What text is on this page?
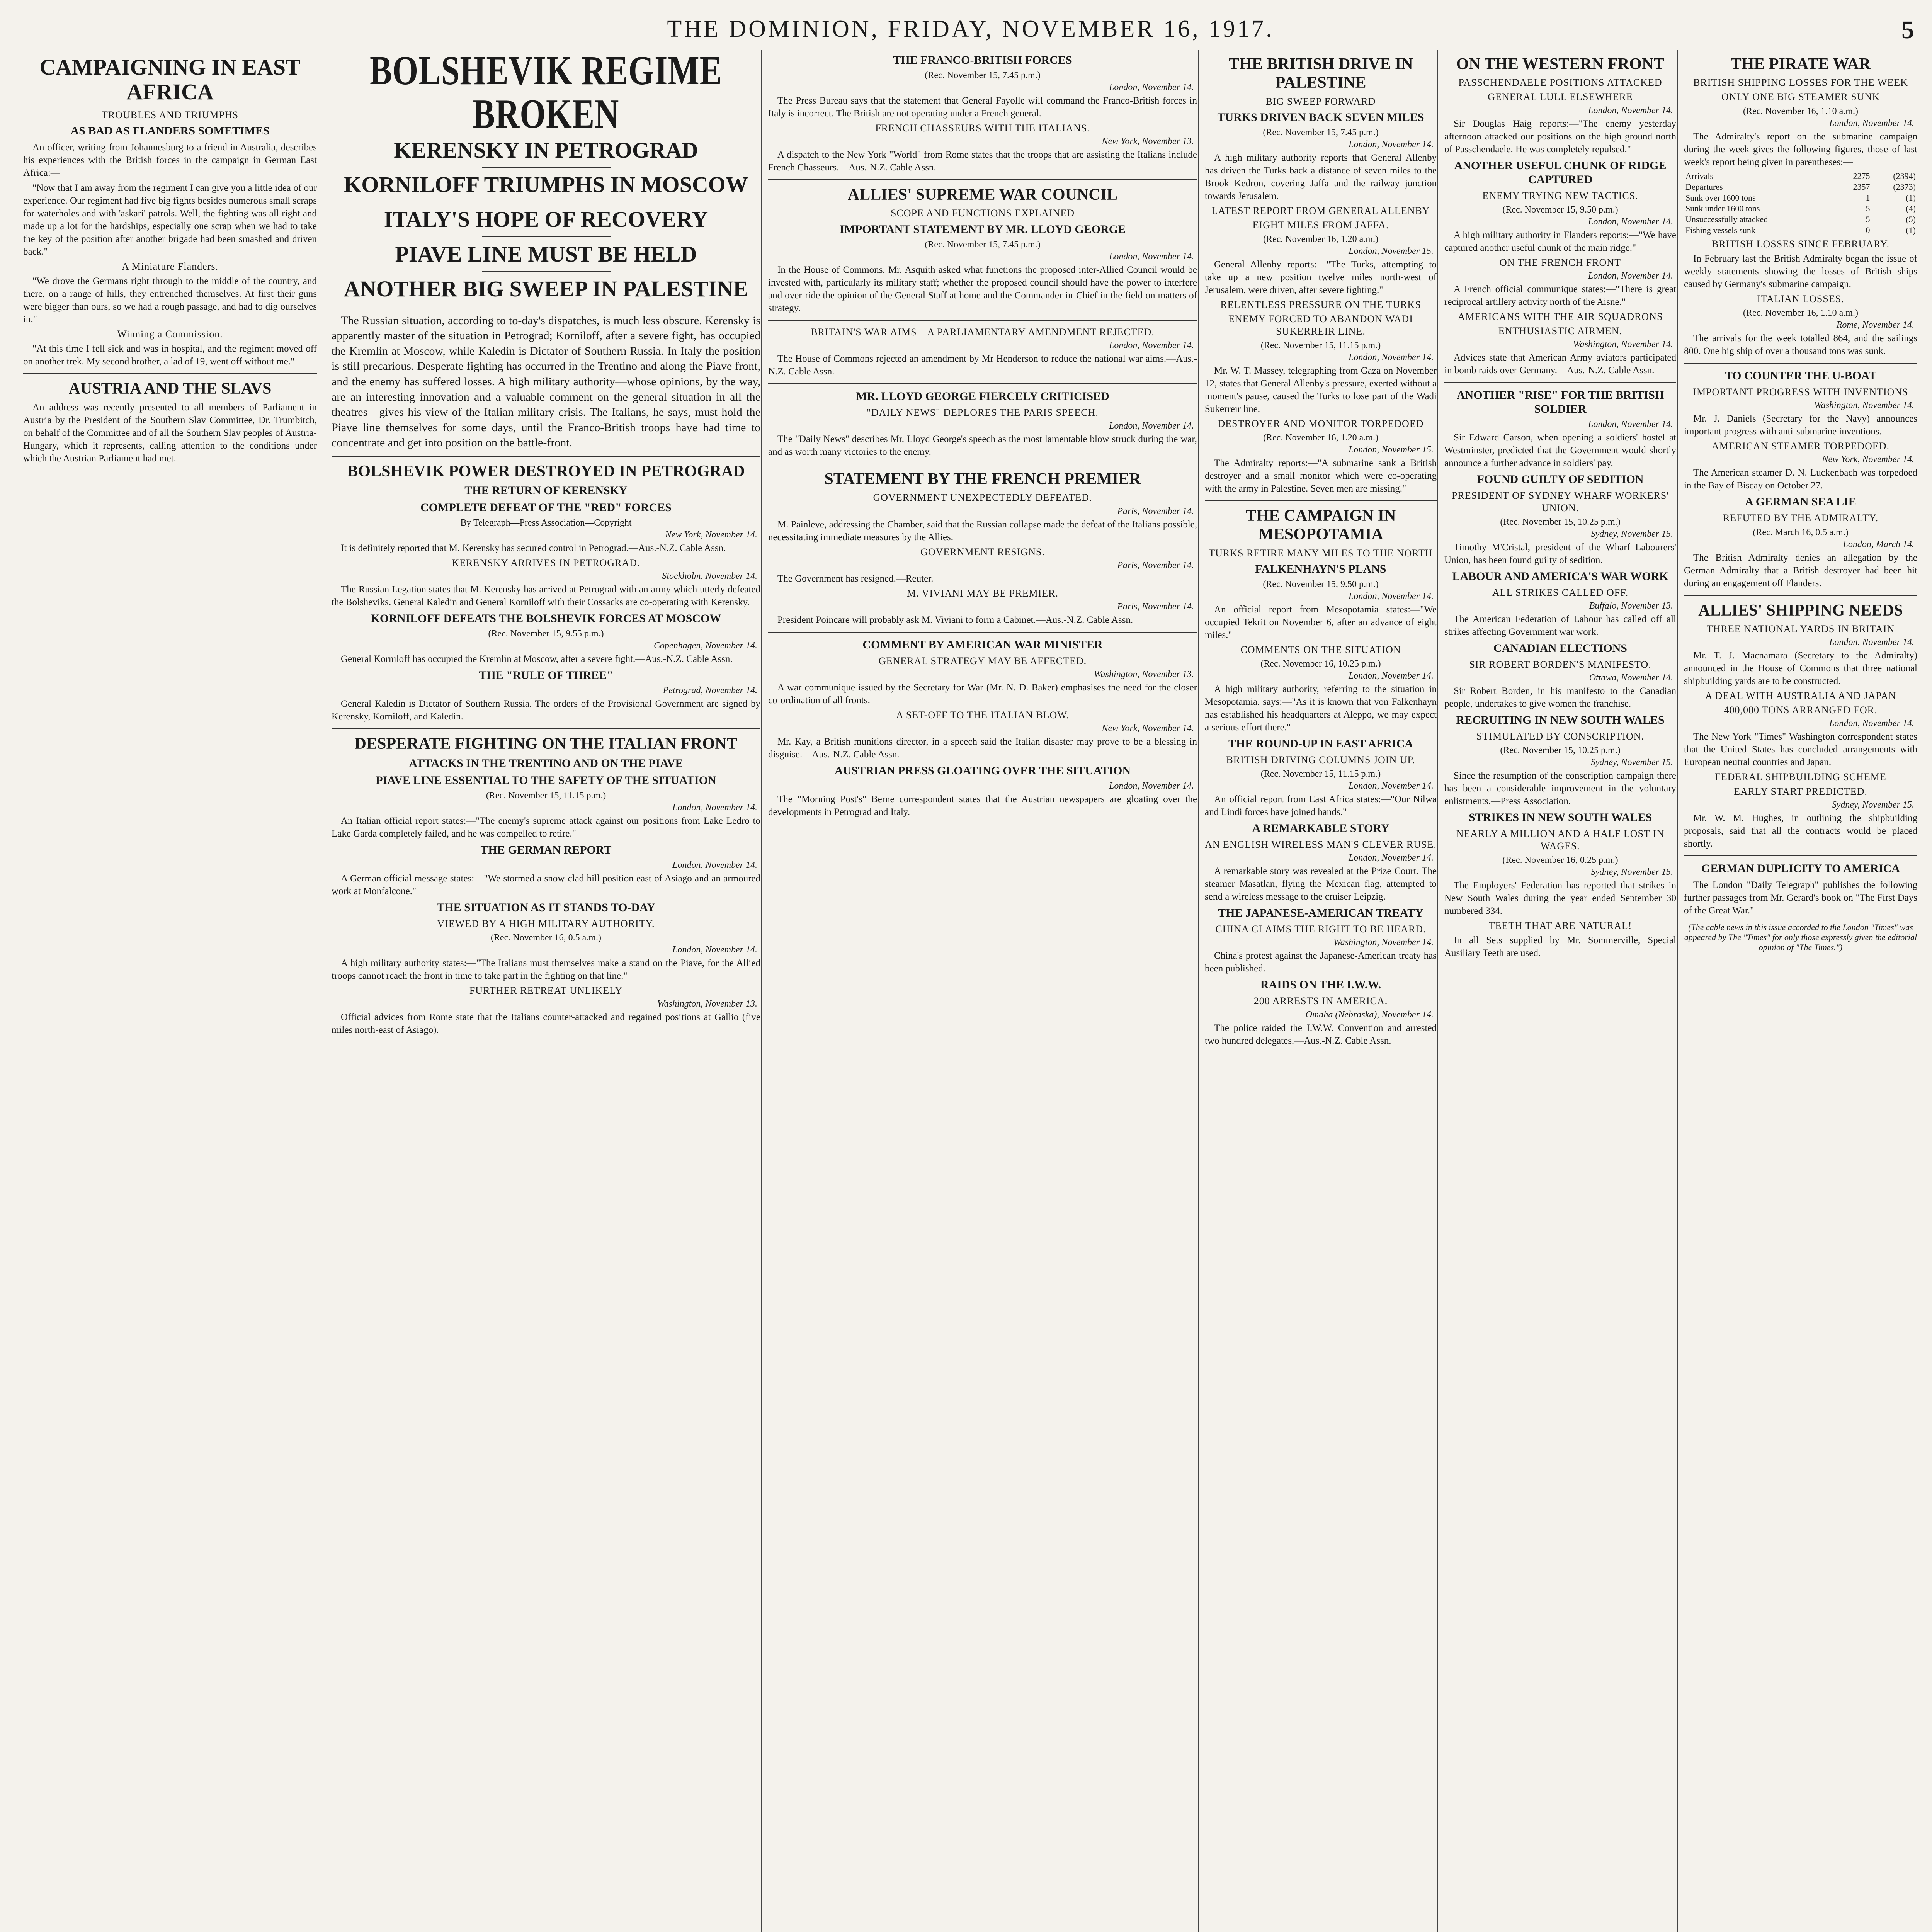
THE DOMINION, FRIDAY, NOVEMBER 16, 1917.	5
CAMPAIGNING IN EAST AFRICA
TROUBLES AND TRIUMPHS
AS BAD AS FLANDERS SOMETIMES

An officer, writing from Johannesburg to a friend in Australia, describes his experiences with the British forces in the campaign in German East Africa:—

"Now that I am away from the regiment I can give you a little idea of our experience. Our regiment had five big fights besides numerous small scraps for waterholes and with 'askari' patrols. Well, the fighting was all right and made up a lot for the hardships, especially one scrap when we had to take the key of the position after another brigade had been smashed and driven back."

A Miniature Flanders.

"We drove the Germans right through to the middle of the country, and there, on a range of hills, they entrenched themselves. At first their guns were bigger than ours, so we had a rough passage, and had to dig ourselves in."

Winning a Commission.

"At this time I fell sick and was in hospital, and the regiment moved off on another trek. My second brother, a lad of 19, went off without me."

AUSTRIA AND THE SLAVS

An address was recently presented to all members of Parliament in Austria by the President of the Southern Slav Committee, Dr. Trumbitch, on behalf of the Committee and of all the Southern Slav peoples of Austria-Hungary, which it represents, calling attention to the conditions under which the Austrian Parliament had met.

BOLSHEVIK REGIME BROKEN
KERENSKY IN PETROGRAD
KORNILOFF TRIUMPHS IN MOSCOW
ITALY'S HOPE OF RECOVERY
PIAVE LINE MUST BE HELD
ANOTHER BIG SWEEP IN PALESTINE

The Russian situation, according to to-day's dispatches, is much less obscure. Kerensky is apparently master of the situation in Petrograd; Korniloff, after a severe fight, has occupied the Kremlin at Moscow, while Kaledin is Dictator of Southern Russia. In Italy the position is still precarious. Desperate fighting has occurred in the Trentino and along the Piave front, and the enemy has suffered losses. A high military authority—whose opinions, by the way, are an interesting innovation and a valuable comment on the general situation in all the theatres—gives his view of the Italian military crisis. The Italians, he says, must hold the Piave line themselves for some days, until the Franco-British troops have had time to concentrate and get into position on the battle-front.

BOLSHEVIK POWER DESTROYED IN PETROGRAD
THE RETURN OF KERENSKY
COMPLETE DEFEAT OF THE "RED" FORCES
By Telegraph—Press Association—Copyright
New York, November 14.

It is definitely reported that M. Kerensky has secured control in Petrograd.—Aus.-N.Z. Cable Assn.

KERENSKY ARRIVES IN PETROGRAD.
Stockholm, November 14.

The Russian Legation states that M. Kerensky has arrived at Petrograd with an army which utterly defeated the Bolsheviks. General Kaledin and General Korniloff with their Cossacks are co-operating with Kerensky.

KORNILOFF DEFEATS THE BOLSHEVIK FORCES AT MOSCOW
(Rec. November 15, 9.55 p.m.)
Copenhagen, November 14.

General Korniloff has occupied the Kremlin at Moscow, after a severe fight.—Aus.-N.Z. Cable Assn.

THE "RULE OF THREE"
Petrograd, November 14.

General Kaledin is Dictator of Southern Russia. The orders of the Provisional Government are signed by Kerensky, Korniloff, and Kaledin.

DESPERATE FIGHTING ON THE ITALIAN FRONT
ATTACKS IN THE TRENTINO AND ON THE PIAVE
PIAVE LINE ESSENTIAL TO THE SAFETY OF THE SITUATION
(Rec. November 15, 11.15 p.m.)
London, November 14.

An Italian official report states:—"The enemy's supreme attack against our positions from Lake Ledro to Lake Garda completely failed, and he was compelled to retire."

THE GERMAN REPORT
London, November 14.

A German official message states:—"We stormed a snow-clad hill position east of Asiago and an armoured work at Monfalcone."

THE SITUATION AS IT STANDS TO-DAY
VIEWED BY A HIGH MILITARY AUTHORITY.
(Rec. November 16, 0.5 a.m.)
London, November 14.

A high military authority states:—"The Italians must themselves make a stand on the Piave, for the Allied troops cannot reach the front in time to take part in the fighting on that line."

FURTHER RETREAT UNLIKELY
Washington, November 13.

Official advices from Rome state that the Italians counter-attacked and regained positions at Gallio (five miles north-east of Asiago).

THE FRANCO-BRITISH FORCES
(Rec. November 15, 7.45 p.m.)
London, November 14.

The Press Bureau says that the statement that General Fayolle will command the Franco-British forces in Italy is incorrect. The British are not operating under a French general.

FRENCH CHASSEURS WITH THE ITALIANS.
New York, November 13.

A dispatch to the New York "World" from Rome states that the troops that are assisting the Italians include French Chasseurs.—Aus.-N.Z. Cable Assn.

ALLIES' SUPREME WAR COUNCIL
SCOPE AND FUNCTIONS EXPLAINED
IMPORTANT STATEMENT BY MR. LLOYD GEORGE
(Rec. November 15, 7.45 p.m.)
London, November 14.

In the House of Commons, Mr. Asquith asked what functions the proposed inter-Allied Council would be invested with, particularly its military staff; whether the proposed council should have the power to interfere and over-ride the opinion of the General Staff at home and the Commander-in-Chief in the field on matters of strategy.

BRITAIN'S WAR AIMS—A PARLIAMENTARY AMENDMENT REJECTED.
London, November 14.

The House of Commons rejected an amendment by Mr Henderson to reduce the national war aims.—Aus.-N.Z. Cable Assn.

MR. LLOYD GEORGE FIERCELY CRITICISED
"DAILY NEWS" DEPLORES THE PARIS SPEECH.
London, November 14.

The "Daily News" describes Mr. Lloyd George's speech as the most lamentable blow struck during the war, and as worth many victories to the enemy.

STATEMENT BY THE FRENCH PREMIER
GOVERNMENT UNEXPECTEDLY DEFEATED.
Paris, November 14.

M. Painleve, addressing the Chamber, said that the Russian collapse made the defeat of the Italians possible, necessitating immediate measures by the Allies.

GOVERNMENT RESIGNS.
Paris, November 14.

The Government has resigned.—Reuter.

M. VIVIANI MAY BE PREMIER.
Paris, November 14.

President Poincare will probably ask M. Viviani to form a Cabinet.—Aus.-N.Z. Cable Assn.

COMMENT BY AMERICAN WAR MINISTER
GENERAL STRATEGY MAY BE AFFECTED.
Washington, November 13.

A war communique issued by the Secretary for War (Mr. N. D. Baker) emphasises the need for the closer co-ordination of all fronts.

A SET-OFF TO THE ITALIAN BLOW.
New York, November 14.

Mr. Kay, a British munitions director, in a speech said the Italian disaster may prove to be a blessing in disguise.—Aus.-N.Z. Cable Assn.

AUSTRIAN PRESS GLOATING OVER THE SITUATION
London, November 14.

The "Morning Post's" Berne correspondent states that the Austrian newspapers are gloating over the developments in Petrograd and Italy.

THE BRITISH DRIVE IN PALESTINE
BIG SWEEP FORWARD
TURKS DRIVEN BACK SEVEN MILES
(Rec. November 15, 7.45 p.m.)
London, November 14.

A high military authority reports that General Allenby has driven the Turks back a distance of seven miles to the Brook Kedron, covering Jaffa and the railway junction towards Jerusalem.

LATEST REPORT FROM GENERAL ALLENBY
EIGHT MILES FROM JAFFA.
(Rec. November 16, 1.20 a.m.)
London, November 15.

General Allenby reports:—"The Turks, attempting to take up a new position twelve miles north-west of Jerusalem, were driven, after severe fighting."

RELENTLESS PRESSURE ON THE TURKS
ENEMY FORCED TO ABANDON WADI SUKERREIR LINE.
(Rec. November 15, 11.15 p.m.)
London, November 14.

Mr. W. T. Massey, telegraphing from Gaza on November 12, states that General Allenby's pressure, exerted without a moment's pause, caused the Turks to lose part of the Wadi Sukerreir line.

DESTROYER AND MONITOR TORPEDOED
(Rec. November 16, 1.20 a.m.)
London, November 15.

The Admiralty reports:—"A submarine sank a British destroyer and a small monitor which were co-operating with the army in Palestine. Seven men are missing."

THE CAMPAIGN IN MESOPOTAMIA
TURKS RETIRE MANY MILES TO THE NORTH
FALKENHAYN'S PLANS
(Rec. November 15, 9.50 p.m.)
London, November 14.

An official report from Mesopotamia states:—"We occupied Tekrit on November 6, after an advance of eight miles."

COMMENTS ON THE SITUATION
(Rec. November 16, 10.25 p.m.)
London, November 14.

A high military authority, referring to the situation in Mesopotamia, says:—"As it is known that von Falkenhayn has established his headquarters at Aleppo, we may expect a serious effort there."

THE ROUND-UP IN EAST AFRICA
BRITISH DRIVING COLUMNS JOIN UP.
(Rec. November 15, 11.15 p.m.)
London, November 14.

An official report from East Africa states:—"Our Nilwa and Lindi forces have joined hands."

A REMARKABLE STORY
AN ENGLISH WIRELESS MAN'S CLEVER RUSE.
London, November 14.

A remarkable story was revealed at the Prize Court. The steamer Masatlan, flying the Mexican flag, attempted to send a wireless message to the cruiser Leipzig.

THE JAPANESE-AMERICAN TREATY
CHINA CLAIMS THE RIGHT TO BE HEARD.
Washington, November 14.

China's protest against the Japanese-American treaty has been published.

RAIDS ON THE I.W.W.
200 ARRESTS IN AMERICA.
Omaha (Nebraska), November 14.

The police raided the I.W.W. Convention and arrested two hundred delegates.—Aus.-N.Z. Cable Assn.

ON THE WESTERN FRONT
PASSCHENDAELE POSITIONS ATTACKED
GENERAL LULL ELSEWHERE
London, November 14.

Sir Douglas Haig reports:—"The enemy yesterday afternoon attacked our positions on the high ground north of Passchendaele. He was completely repulsed."

ANOTHER USEFUL CHUNK OF RIDGE CAPTURED
ENEMY TRYING NEW TACTICS.
(Rec. November 15, 9.50 p.m.)
London, November 14.

A high military authority in Flanders reports:—"We have captured another useful chunk of the main ridge."

ON THE FRENCH FRONT
London, November 14.

A French official communique states:—"There is great reciprocal artillery activity north of the Aisne."

AMERICANS WITH THE AIR SQUADRONS
ENTHUSIASTIC AIRMEN.
Washington, November 14.

Advices state that American Army aviators participated in bomb raids over Germany.—Aus.-N.Z. Cable Assn.

ANOTHER "RISE" FOR THE BRITISH SOLDIER
London, November 14.

Sir Edward Carson, when opening a soldiers' hostel at Westminster, predicted that the Government would shortly announce a further advance in soldiers' pay.

FOUND GUILTY OF SEDITION
PRESIDENT OF SYDNEY WHARF WORKERS' UNION.
(Rec. November 15, 10.25 p.m.)
Sydney, November 15.

Timothy M'Cristal, president of the Wharf Labourers' Union, has been found guilty of sedition.

LABOUR AND AMERICA'S WAR WORK
ALL STRIKES CALLED OFF.
Buffalo, November 13.

The American Federation of Labour has called off all strikes affecting Government war work.

CANADIAN ELECTIONS
SIR ROBERT BORDEN'S MANIFESTO.
Ottawa, November 14.

Sir Robert Borden, in his manifesto to the Canadian people, undertakes to give women the franchise.

RECRUITING IN NEW SOUTH WALES
STIMULATED BY CONSCRIPTION.
(Rec. November 15, 10.25 p.m.)
Sydney, November 15.

Since the resumption of the conscription campaign there has been a considerable improvement in the voluntary enlistments.—Press Association.

STRIKES IN NEW SOUTH WALES
NEARLY A MILLION AND A HALF LOST IN WAGES.
(Rec. November 16, 0.25 p.m.)
Sydney, November 15.

The Employers' Federation has reported that strikes in New South Wales during the year ended September 30 numbered 334.

TEETH THAT ARE NATURAL!

In all Sets supplied by Mr. Sommerville, Special Ausiliary Teeth are used.

THE PIRATE WAR
BRITISH SHIPPING LOSSES FOR THE WEEK
ONLY ONE BIG STEAMER SUNK
(Rec. November 16, 1.10 a.m.)
London, November 14.

The Admiralty's report on the submarine campaign during the week gives the following figures, those of last week's report being given in parentheses:—

Arrivals	2275	(2394)
Departures	2357	(2373)
Sunk over 1600 tons	1	(1)
Sunk under 1600 tons	5	(4)
Unsuccessfully attacked	5	(5)
Fishing vessels sunk	0	(1)
BRITISH LOSSES SINCE FEBRUARY.

In February last the British Admiralty began the issue of weekly statements showing the losses of British ships caused by Germany's submarine campaign.

ITALIAN LOSSES.
(Rec. November 16, 1.10 a.m.)
Rome, November 14.

The arrivals for the week totalled 864, and the sailings 800. One big ship of over a thousand tons was sunk.

TO COUNTER THE U-BOAT
IMPORTANT PROGRESS WITH INVENTIONS
Washington, November 14.

Mr. J. Daniels (Secretary for the Navy) announces important progress with anti-submarine inventions.

AMERICAN STEAMER TORPEDOED.
New York, November 14.

The American steamer D. N. Luckenbach was torpedoed in the Bay of Biscay on October 27.

A GERMAN SEA LIE
REFUTED BY THE ADMIRALTY.
(Rec. March 16, 0.5 a.m.)
London, March 14.

The British Admiralty denies an allegation by the German Admiralty that a British destroyer had been hit during an engagement off Flanders.

ALLIES' SHIPPING NEEDS
THREE NATIONAL YARDS IN BRITAIN
London, November 14.

Mr. T. J. Macnamara (Secretary to the Admiralty) announced in the House of Commons that three national shipbuilding yards are to be constructed.

A DEAL WITH AUSTRALIA AND JAPAN
400,000 TONS ARRANGED FOR.
London, November 14.

The New York "Times" Washington correspondent states that the United States has concluded arrangements with European neutral countries and Japan.

FEDERAL SHIPBUILDING SCHEME
EARLY START PREDICTED.
Sydney, November 15.

Mr. W. M. Hughes, in outlining the shipbuilding proposals, said that all the contracts would be placed shortly.

GERMAN DUPLICITY TO AMERICA

The London "Daily Telegraph" publishes the following further passages from Mr. Gerard's book on "The First Days of the Great War."

(The cable news in this issue accorded to the London "Times" was appeared by The "Times" for only those expressly given the editorial opinion of "The Times.")
